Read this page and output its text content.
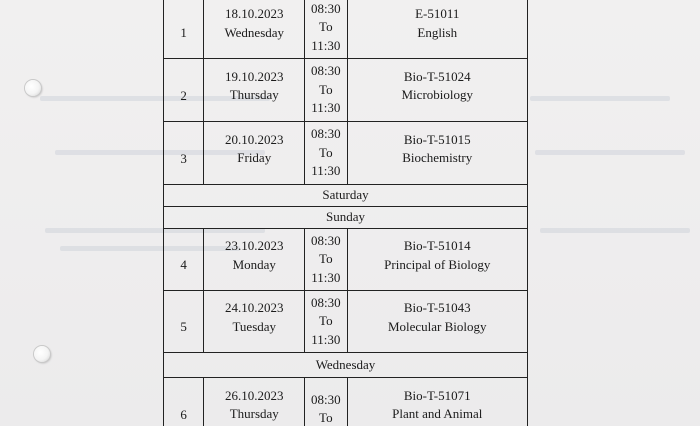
1	18.10.2023
Wednesday	08:30
To
11:30	E-51011
English

2	19.10.2023
Thursday	08:30
To
11:30	Bio-T-51024
Microbiology

3	20.10.2023
Friday	08:30
To
11:30	Bio-T-51015
Biochemistry

Saturday			
Sunday			
4	23.10.2023
Monday	08:30
To
11:30	Bio-T-51014
Principal of Biology

5	24.10.2023
Tuesday	08:30
To
11:30	Bio-T-51043
Molecular Biology

Wednesday			
6	26.10.2023
Thursday	08:30
To	Bio-T-51071
Plant and Animal
